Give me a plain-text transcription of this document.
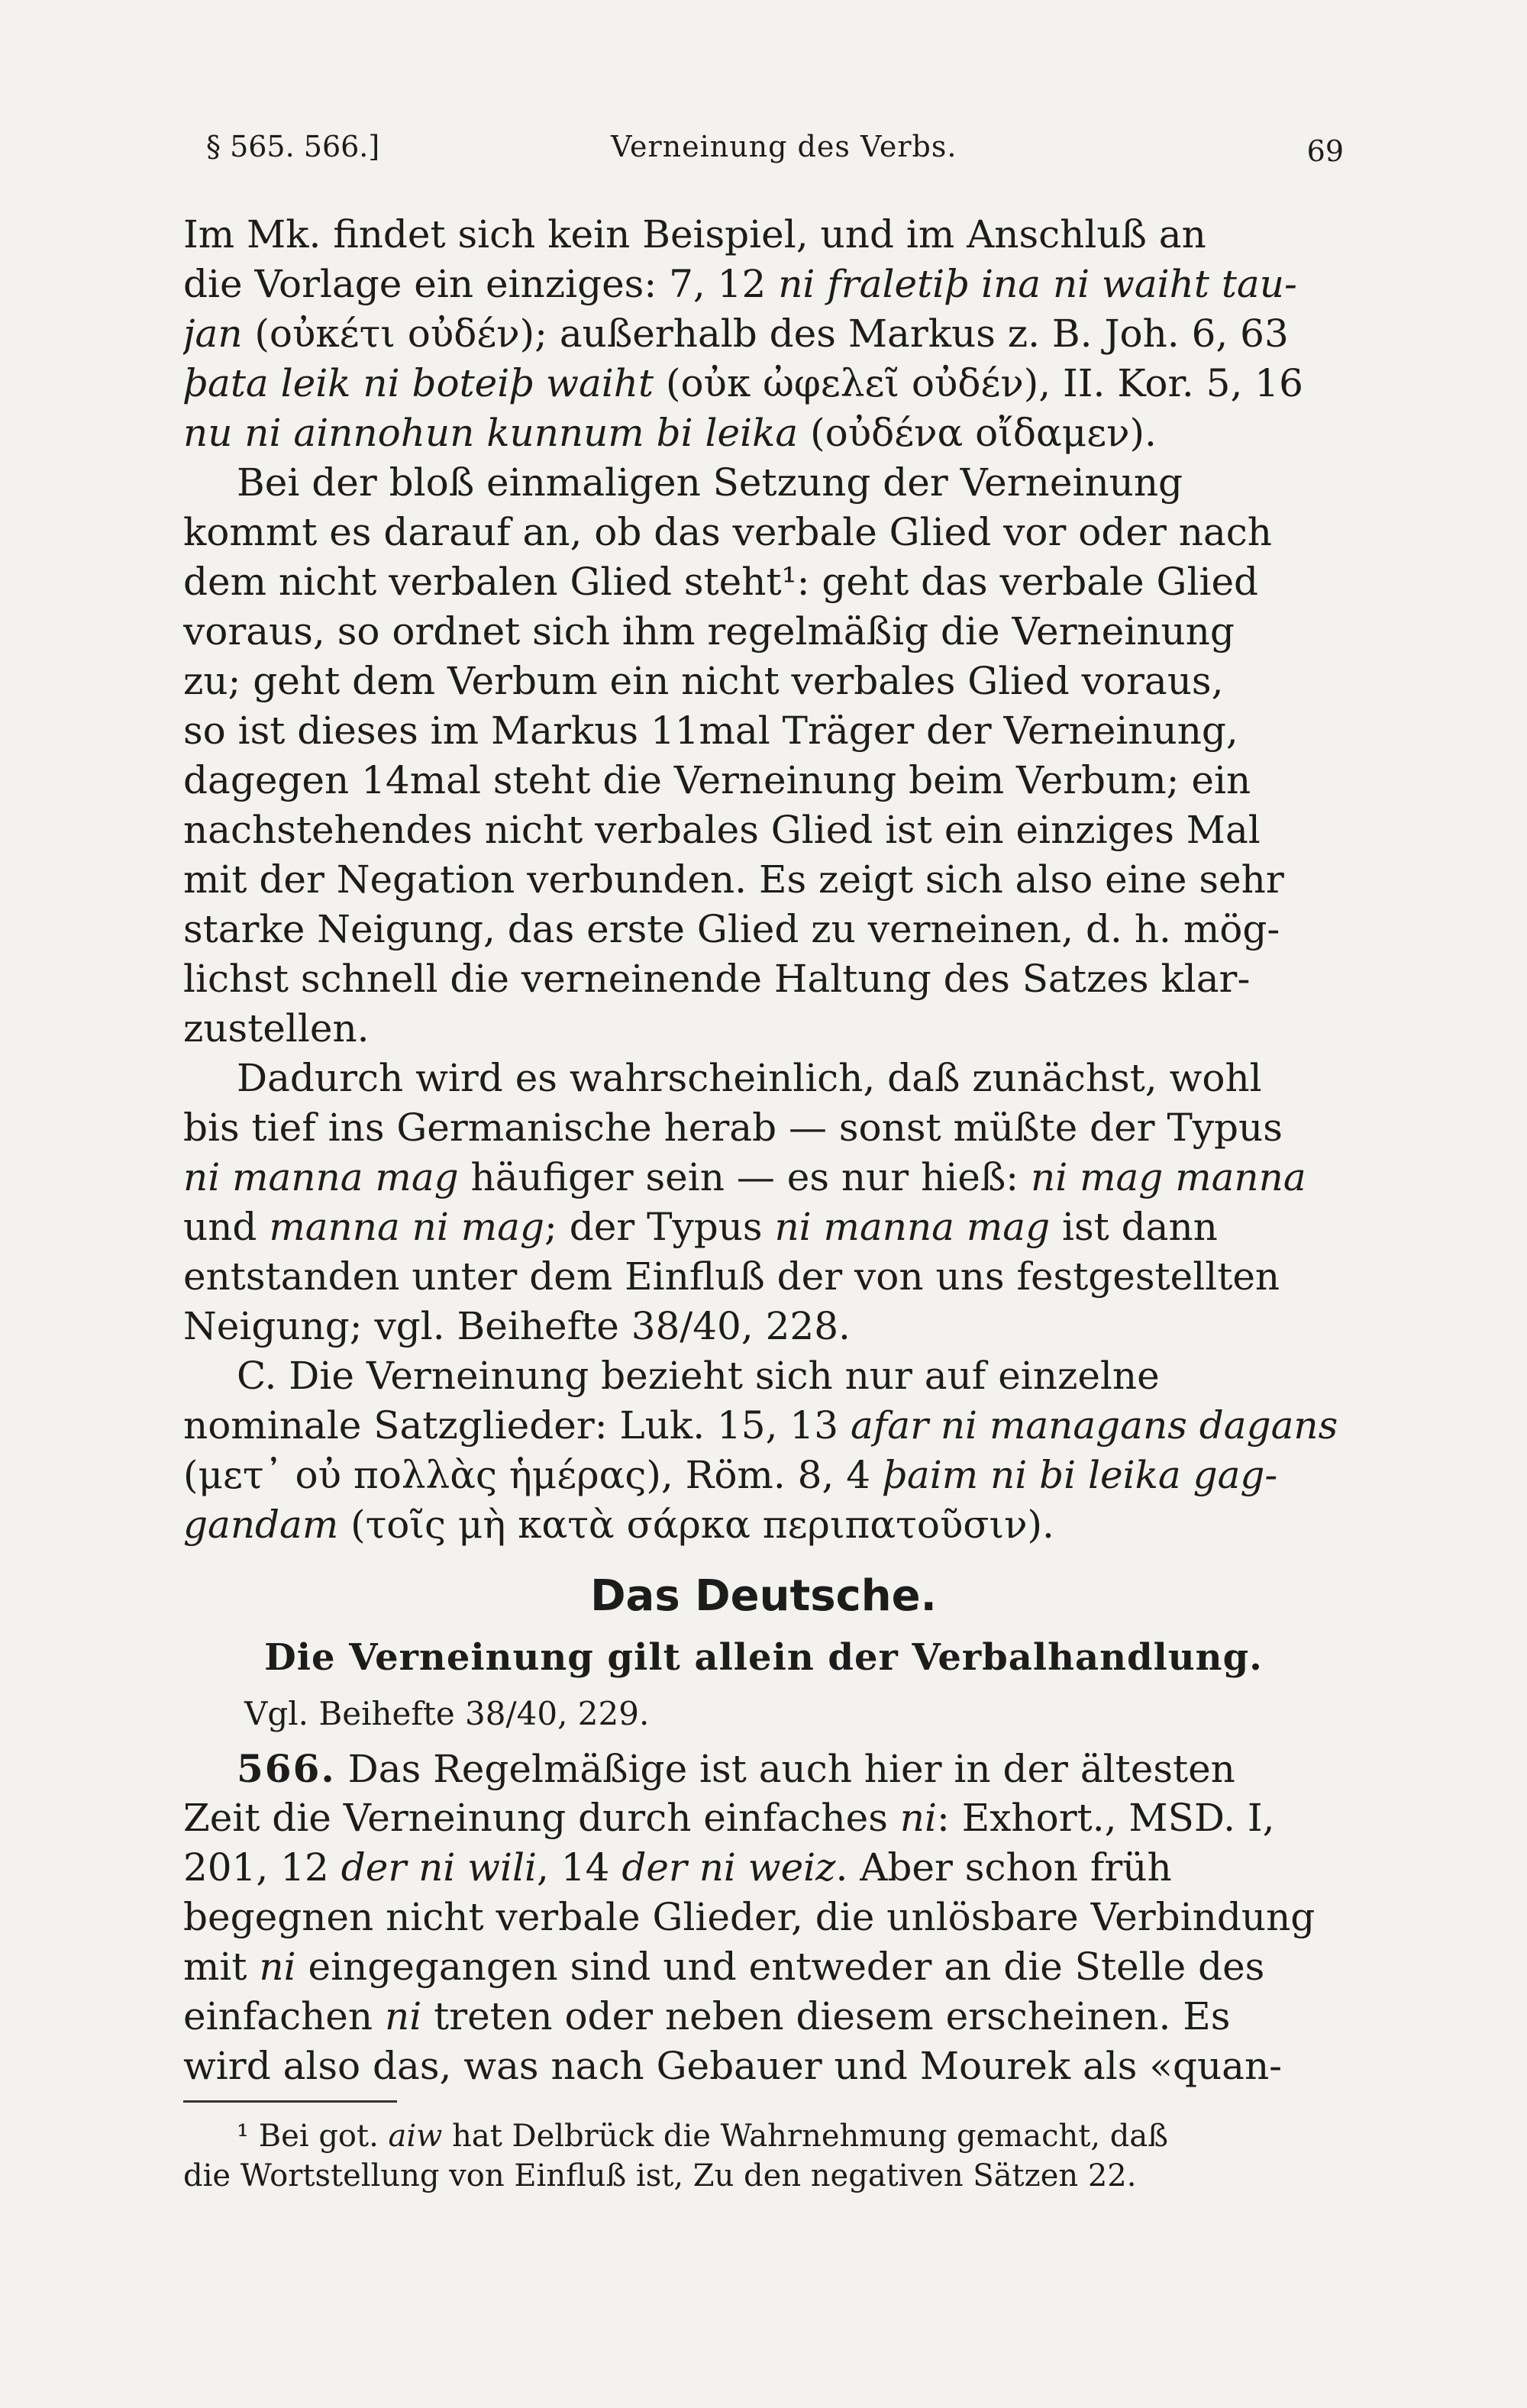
§ 565. 566.]	Verneinung des Verbs.	69
Im Mk. findet sich kein Beispiel, und im Anschluß an
die Vorlage ein einziges: 7, 12 ni fraletiþ ina ni waiht tau-
jan (οὐκέτι οὐδέν); außerhalb des Markus z. B. Joh. 6, 63
þata leik ni boteiþ waiht (οὐκ ὠφελεῖ οὐδέν), II. Kor. 5, 16
nu ni ainnohun kunnum bi leika (οὐδένα οἴδαμεν).
Bei der bloß einmaligen Setzung der Verneinung
kommt es darauf an, ob das verbale Glied vor oder nach
dem nicht verbalen Glied steht¹: geht das verbale Glied
voraus, so ordnet sich ihm regelmäßig die Verneinung
zu; geht dem Verbum ein nicht verbales Glied voraus,
so ist dieses im Markus 11mal Träger der Verneinung,
dagegen 14mal steht die Verneinung beim Verbum; ein
nachstehendes nicht verbales Glied ist ein einziges Mal
mit der Negation verbunden. Es zeigt sich also eine sehr
starke Neigung, das erste Glied zu verneinen, d. h. mög-
lichst schnell die verneinende Haltung des Satzes klar-
zustellen.
Dadurch wird es wahrscheinlich, daß zunächst, wohl
bis tief ins Germanische herab — sonst müßte der Typus
ni manna mag häufiger sein — es nur hieß: ni mag manna
und manna ni mag; der Typus ni manna mag ist dann
entstanden unter dem Einfluß der von uns festgestellten
Neigung; vgl. Beihefte 38/40, 228.
C. Die Verneinung bezieht sich nur auf einzelne
nominale Satzglieder: Luk. 15, 13 afar ni managans dagans
(μετ᾽ οὐ πολλὰς ἡμέρας), Röm. 8, 4 þaim ni bi leika gag-
gandam (τοῖς μὴ κατὰ σάρκα περιπατοῦσιν).
Das Deutsche.
Die Verneinung gilt allein der Verbalhandlung.
Vgl. Beihefte 38/40, 229.
566. Das Regelmäßige ist auch hier in der ältesten
Zeit die Verneinung durch einfaches ni: Exhort., MSD. I,
201, 12 der ni wili, 14 der ni weiz. Aber schon früh
begegnen nicht verbale Glieder, die unlösbare Verbindung
mit ni eingegangen sind und entweder an die Stelle des
einfachen ni treten oder neben diesem erscheinen. Es
wird also das, was nach Gebauer und Mourek als «quan-
¹ Bei got. aiw hat Delbrück die Wahrnehmung gemacht, daß
die Wortstellung von Einfluß ist, Zu den negativen Sätzen 22.
